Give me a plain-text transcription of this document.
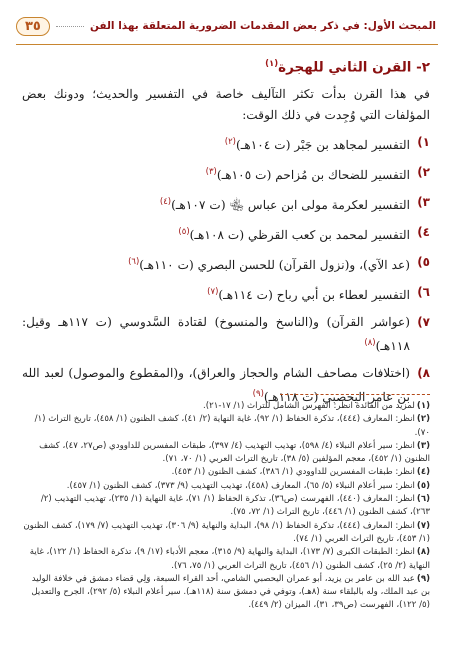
المبحث الأول: في ذكر بعض المقدمات الضرورية المتعلقة بهذا الفن
٣٥
٢- القرن الثاني للهجرة$^{(١)}$

في هذا القرن بدأت تكثر التآليف خاصة في التفسير والحديث؛ ودونك بعض المؤلفات التي وُجِدت في ذلك الوقت:

١)
التفسير لمجاهد بن جَبْر (ت ١٠٤هـ)$^{(٢)}$
٢)
التفسير للضحاك بن مُزاحم (ت ١٠٥هـ)$^{(٣)}$
٣)
التفسير لعكرمة مولى ابن عباس ﵄ (ت ١٠٧هـ)$^{(٤)}$
٤)
التفسير لمحمد بن كعب القرظي (ت ١٠٨هـ)$^{(٥)}$
٥)
(عد الآي)، و(نزول القرآن) للحسن البصري (ت ١١٠هـ)$^{(٦)}$
٦)
التفسير لعطاء بن أبي رباح (ت ١١٤هـ)$^{(٧)}$
٧)
(عواشر القرآن) و(الناسخ والمنسوخ) لقتادة السَّدوسي (ت ١١٧هـ وقيل: ١١٨هـ)$^{(٨)}$
٨)
(اختلافات مصاحف الشام والحجاز والعراق)، و(المقطوع والموصول) لعبد الله بن عامر اليحصبي (ت ١١٨هـ)$^{(٩)}$

(١)لمزيد من الفائدة انظر: الفهرس الشامل للتراث (١/ ١٧-٢١).

(٢)انظر: المعارف (٤٤٤)، تذكرة الحفاظ (١/ ٩٢)، غاية النهاية (٢/ ٤١)، كشف الظنون (١/ ٤٥٨)، تاريخ التراث (١/ ٧٠).

(٣)انظر: سير أعلام النبلاء (٤/ ٥٩٨)، تهذيب التهذيب (٤/ ٣٩٧)، طبقات المفسرين للداوودي (ص٢٧، ٤٧)، كشف الظنون (١/ ٤٥٢)، معجم المؤلفين (٥/ ٣٨)، تاريخ التراث العربي (١/ ٧٠، ٧١).

(٤)انظر: طبقات المفسرين للداوودي (١/ ٣٨٦)، كشف الظنون (١/ ٤٥٣).

(٥)انظر: سير أعلام النبلاء (٥/ ٦٥)، المعارف (٤٥٨)، تهذيب التهذيب (٩/ ٣٧٣)، كشف الظنون (١/ ٤٥٧).

(٦)انظر: المعارف (٤٤٠)، الفهرست (ص٣٦)، تذكرة الحفاظ (١/ ٧١)، غاية النهاية (١/ ٢٣٥)، تهذيب التهذيب (٢/ ٢٦٣)، كشف الظنون (١/ ٤٤٦)، تاريخ التراث (١/ ٧٢، ٧٥).

(٧)انظر: المعارف (٤٤٤)، تذكرة الحفاظ (١/ ٩٨)، البداية والنهاية (٩/ ٣٠٦)، تهذيب التهذيب (٧/ ١٧٩)، كشف الظنون (١/ ٤٥٣)، تاريخ التراث العربي (١/ ٧٤).

(٨)انظر: الطبقات الكبرى (٧/ ١٧٣)، البداية والنهاية (٩/ ٣١٥)، معجم الأدباء (١٧/ ٩)، تذكرة الحفاظ (١/ ١٢٢)، غاية النهاية (٢/ ٢٥)، كشف الظنون (١/ ٤٥٦)، تاريخ التراث العربي (١/ ٧٥، ٧٦).

(٩)عبد الله بن عامر بن يزيد، أبو عمران اليحصبي الشامي، أحد القراء السبعة، وَلِي قضاء دمشق في خلافة الوليد بن عبد الملك، وله بالبلقاء سنة (٨هـ)، وتوفي في دمشق سنة (١١٨هـ). سير أعلام النبلاء (٥/ ٢٩٢)، الجرح والتعديل (٥/ ١٢٢)، الفهرست (ص٣٩، ٣١)، الميزان (٢/ ٤٤٩).
